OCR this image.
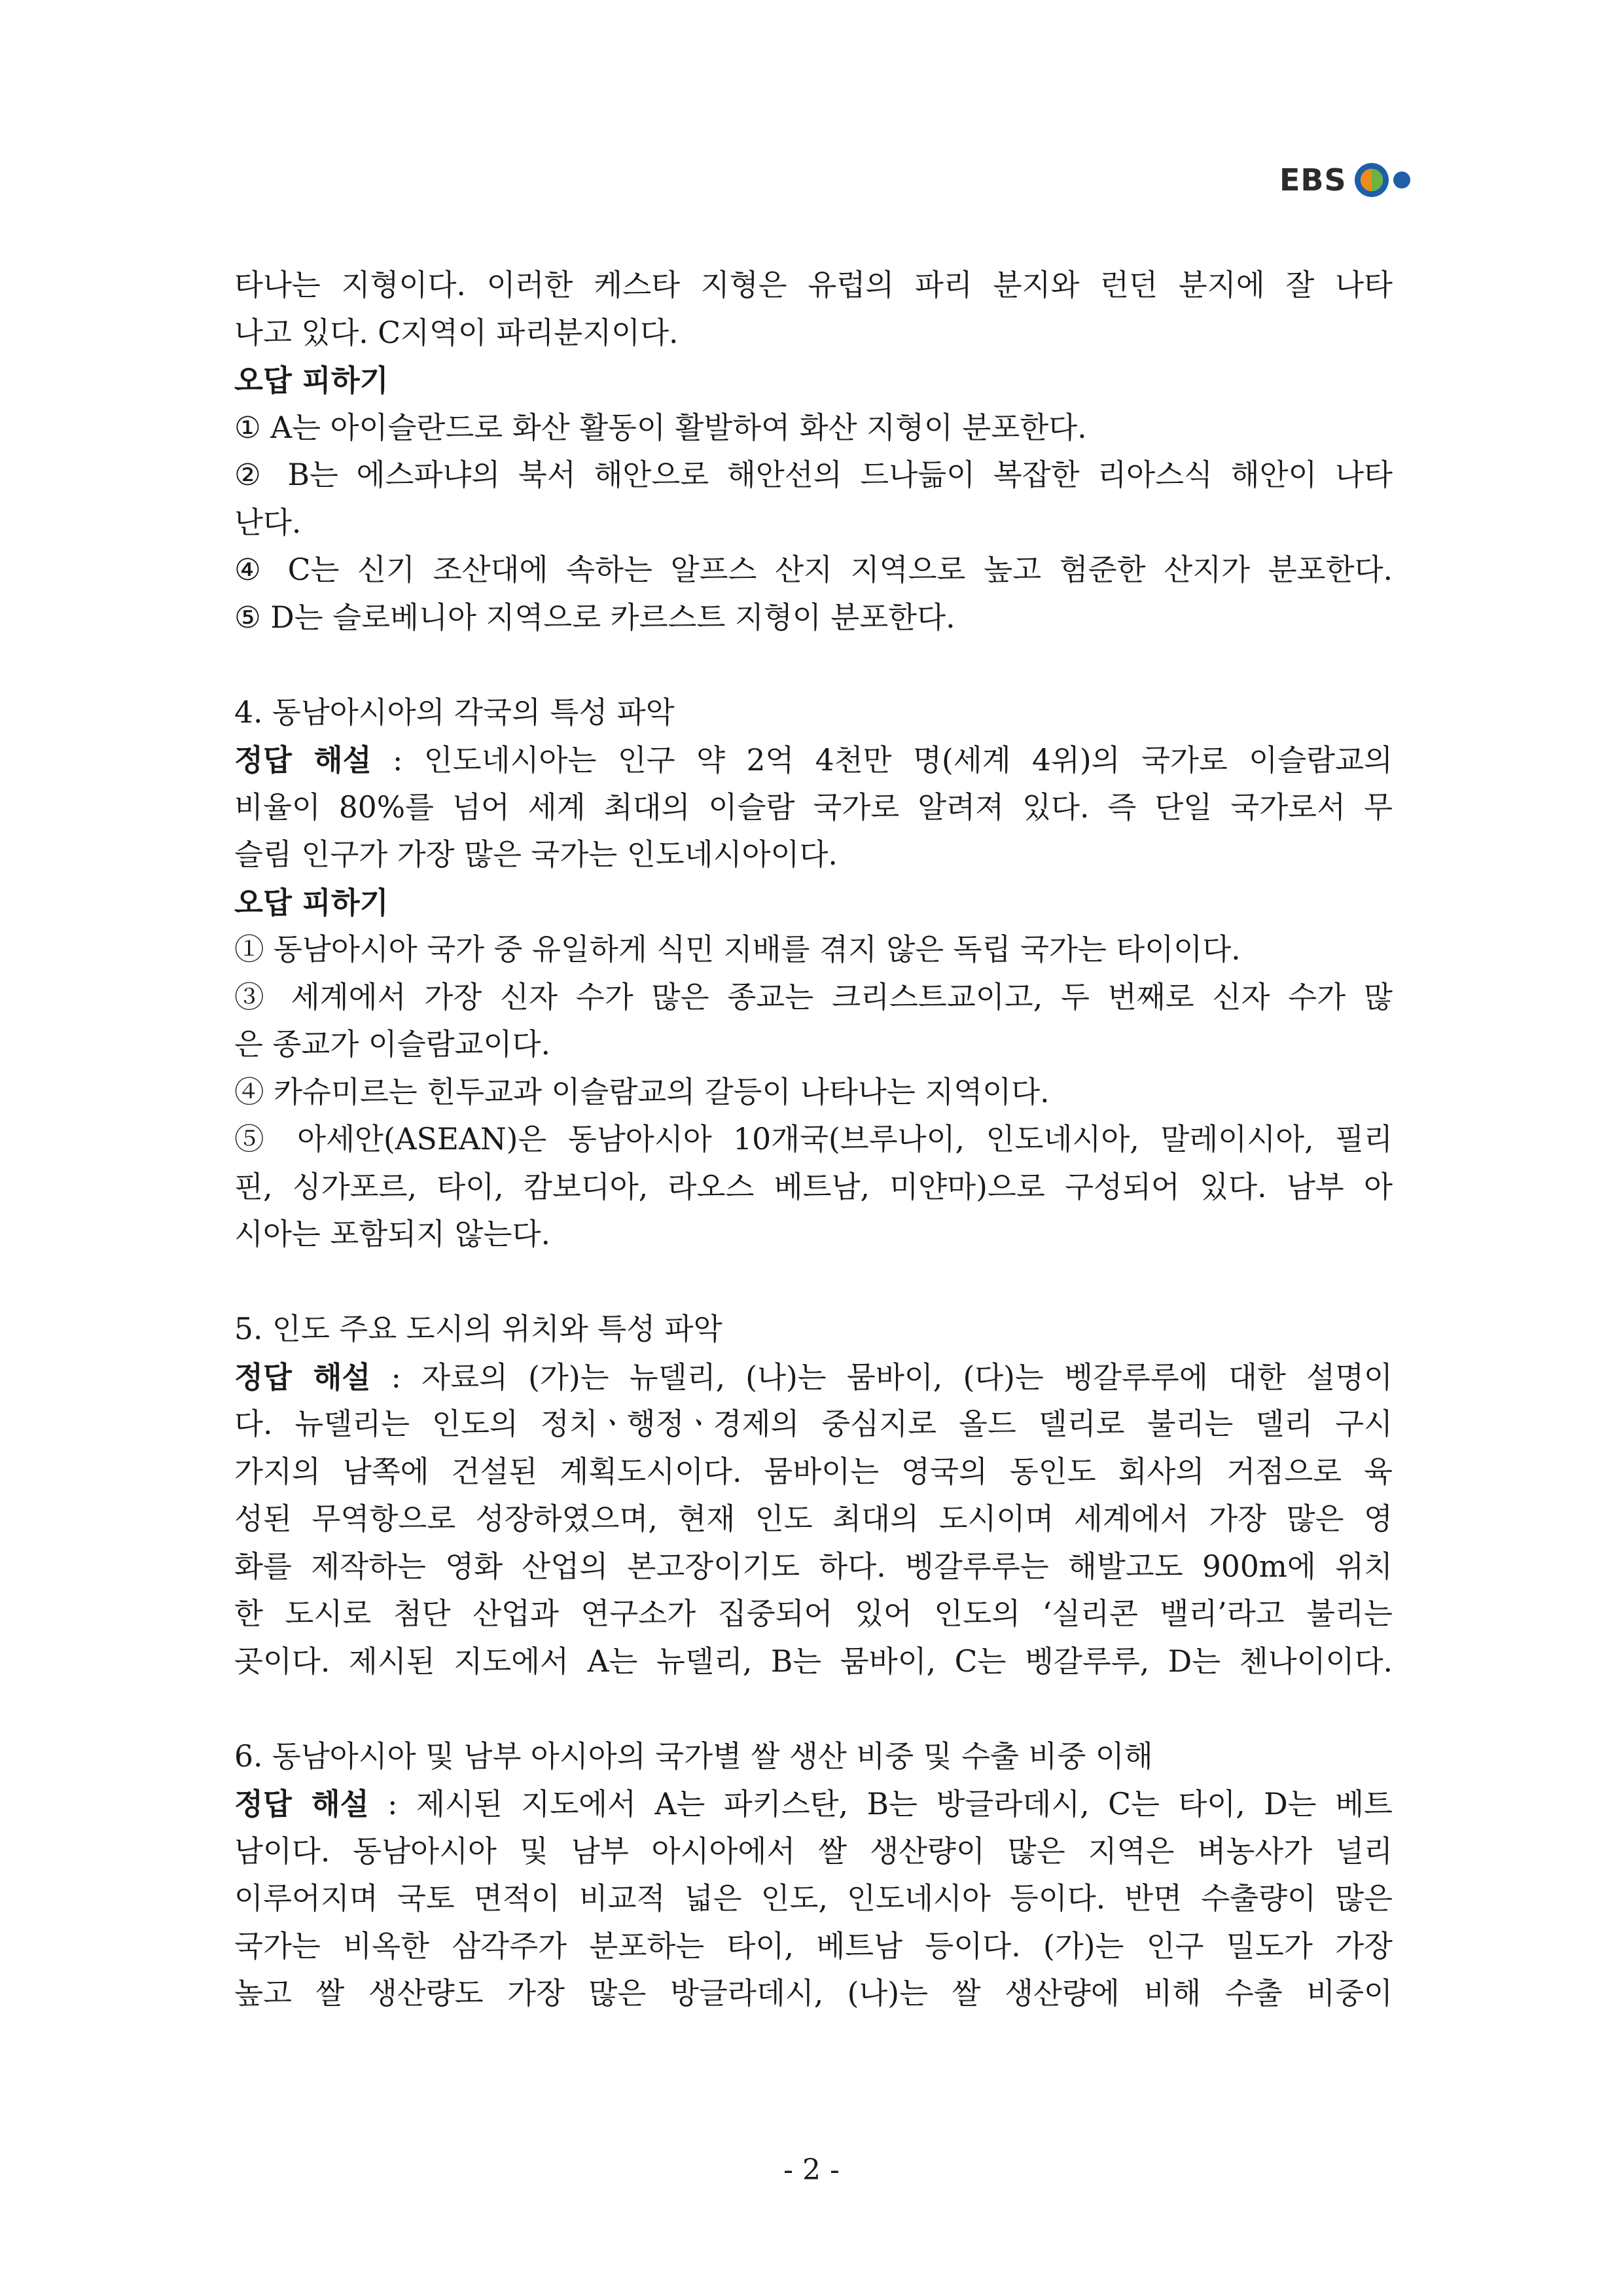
EBS
타나는 지형이다. 이러한 케스타 지형은 유럽의 파리 분지와 런던 분지에 잘 나타
나고 있다. C지역이 파리분지이다.
오답 피하기
① A는 아이슬란드로 화산 활동이 활발하여 화산 지형이 분포한다.
② B는 에스파냐의 북서 해안으로 해안선의 드나듦이 복잡한 리아스식 해안이 나타
난다.
④ C는 신기 조산대에 속하는 알프스 산지 지역으로 높고 험준한 산지가 분포한다.
⑤ D는 슬로베니아 지역으로 카르스트 지형이 분포한다.
4. 동남아시아의 각국의 특성 파악
정답 해설 : 인도네시아는 인구 약 2억 4천만 명(세계 4위)의 국가로 이슬람교의
비율이 80%를 넘어 세계 최대의 이슬람 국가로 알려져 있다. 즉 단일 국가로서 무
슬림 인구가 가장 많은 국가는 인도네시아이다.
오답 피하기
① 동남아시아 국가 중 유일하게 식민 지배를 겪지 않은 독립 국가는 타이이다.
③ 세계에서 가장 신자 수가 많은 종교는 크리스트교이고, 두 번째로 신자 수가 많
은 종교가 이슬람교이다.
④ 카슈미르는 힌두교과 이슬람교의 갈등이 나타나는 지역이다.
⑤ 아세안(ASEAN)은 동남아시아 10개국(브루나이, 인도네시아, 말레이시아, 필리
핀, 싱가포르, 타이, 캄보디아, 라오스 베트남, 미얀마)으로 구성되어 있다. 남부 아
시아는 포함되지 않는다.
5. 인도 주요 도시의 위치와 특성 파악
정답 해설 : 자료의 (가)는 뉴델리, (나)는 뭄바이, (다)는 벵갈루루에 대한 설명이
다. 뉴델리는 인도의 정치ㆍ행정ㆍ경제의 중심지로 올드 델리로 불리는 델리 구시
가지의 남쪽에 건설된 계획도시이다. 뭄바이는 영국의 동인도 회사의 거점으로 육
성된 무역항으로 성장하였으며, 현재 인도 최대의 도시이며 세계에서 가장 많은 영
화를 제작하는 영화 산업의 본고장이기도 하다. 벵갈루루는 해발고도 900m에 위치
한 도시로 첨단 산업과 연구소가 집중되어 있어 인도의 ‘실리콘 밸리’라고 불리는
곳이다. 제시된 지도에서 A는 뉴델리, B는 뭄바이, C는 벵갈루루, D는 첸나이이다.
6. 동남아시아 및 남부 아시아의 국가별 쌀 생산 비중 및 수출 비중 이해
정답 해설 : 제시된 지도에서 A는 파키스탄, B는 방글라데시, C는 타이, D는 베트
남이다. 동남아시아 및 남부 아시아에서 쌀 생산량이 많은 지역은 벼농사가 널리
이루어지며 국토 면적이 비교적 넓은 인도, 인도네시아 등이다. 반면 수출량이 많은
국가는 비옥한 삼각주가 분포하는 타이, 베트남 등이다. (가)는 인구 밀도가 가장
높고 쌀 생산량도 가장 많은 방글라데시, (나)는 쌀 생산량에 비해 수출 비중이
- 2 -
